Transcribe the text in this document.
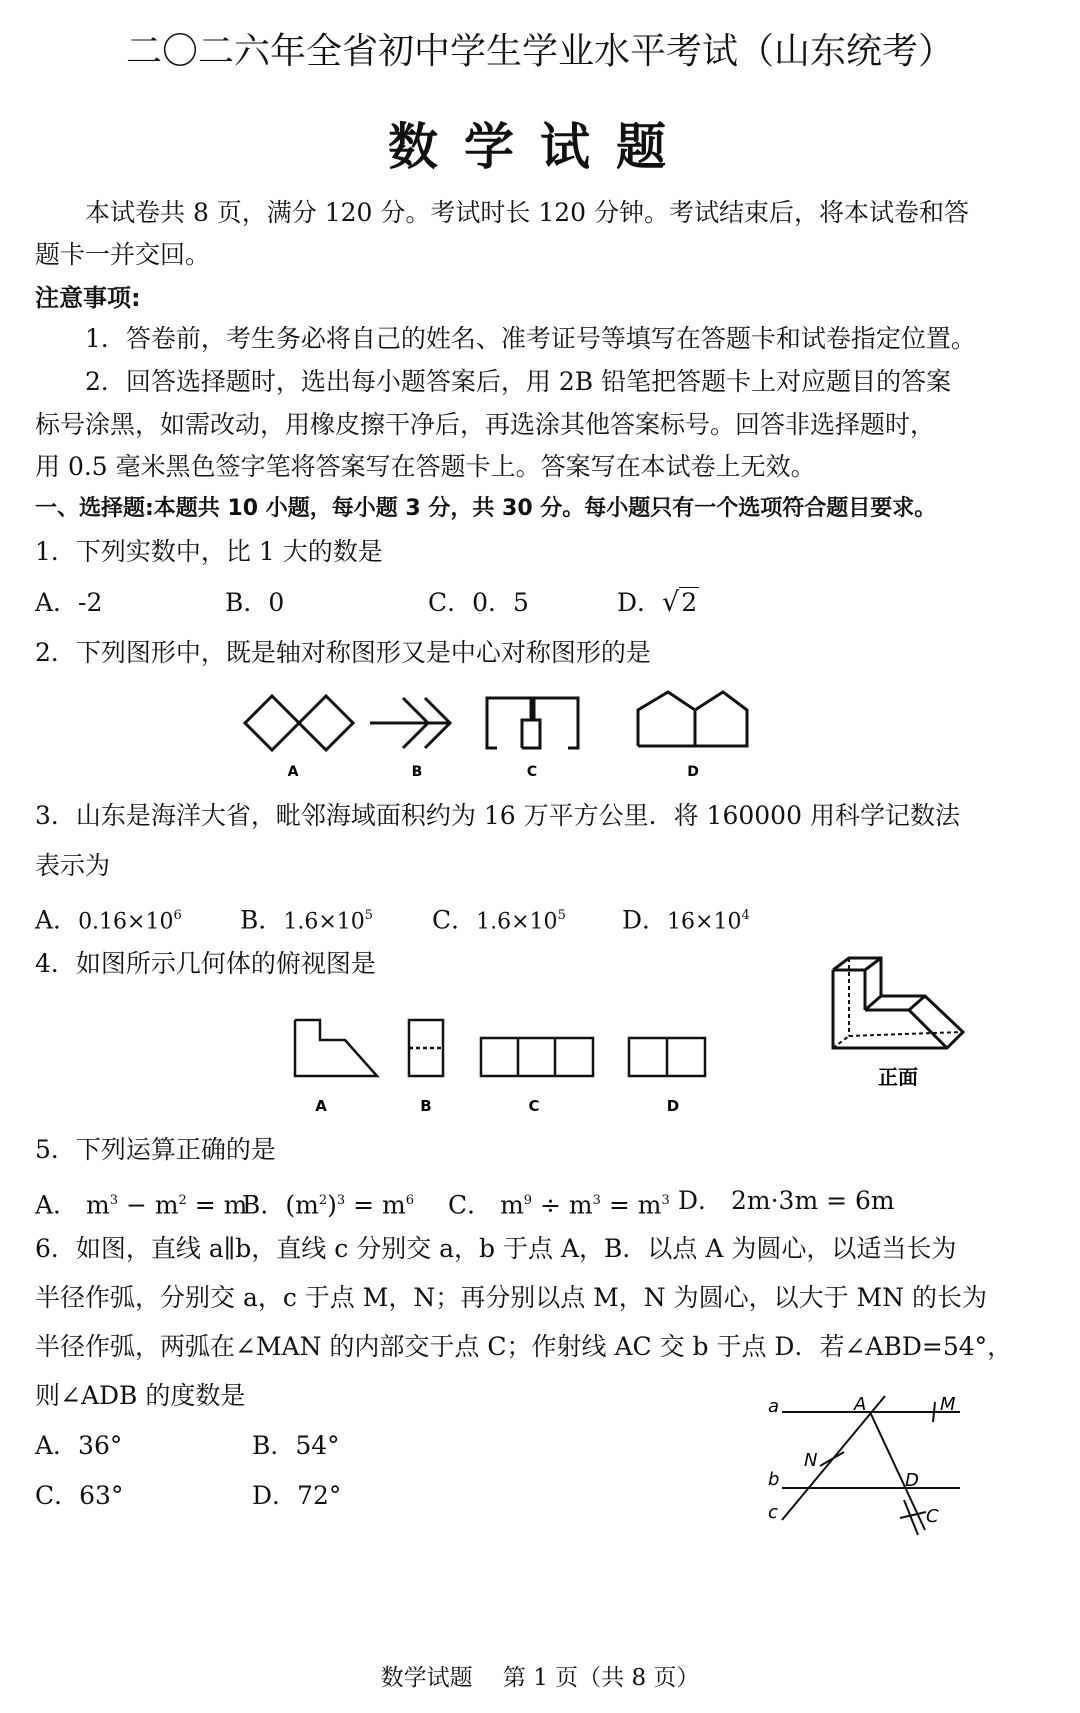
二〇二六年全省初中学生学业水平考试（山东统考）
数学试题
本试卷共 8 页，满分 120 分。考试时长 120 分钟。考试结束后，将本试卷和答
题卡一并交回。
注意事项:
1．答卷前，考生务必将自己的姓名、准考证号等填写在答题卡和试卷指定位置。
2．回答选择题时，选出每小题答案后，用 2B 铅笔把答题卡上对应题目的答案
标号涂黑，如需改动，用橡皮擦干净后，再选涂其他答案标号。回答非选择题时，
用 0.5 毫米黑色签字笔将答案写在答题卡上。答案写在本试卷上无效。
一、选择题:本题共 10 小题，每小题 3 分，共 30 分。每小题只有一个选项符合题目要求。
1．下列实数中，比 1 大的数是
A．-2	B．0	C．0．5	D．√2
2．下列图形中，既是轴对称图形又是中心对称图形的是
A	B	C	D
3．山东是海洋大省，毗邻海域面积约为 16 万平方公里．将 160000 用科学记数法
表示为
A．$0.16\times 10^6$ B．$1.6\times 10^5$ C．$1.6\times 10^5$ D．$16\times 10^4$
4．如图所示几何体的俯视图是
A	B	C	D
正面
5．下列运算正确的是
A． $m^3 - m^2 = m$
B．$(m^2)^3 = m^6$ C． $m^9 \div m^3 = m^3$ D． 2m·3m = 6m
6．如图，直线 a∥b，直线 c 分别交 a，b 于点 A，B．以点 A 为圆心，以适当长为
半径作弧，分别交 a，c 于点 M，N；再分别以点 M，N 为圆心，以大于 MN 的长为
半径作弧，两弧在∠MAN 的内部交于点 C；作射线 AC 交 b 于点 D．若∠ABD=54°，
则∠ADB 的度数是
A．36°	B．54°
C．63°	D．72°
a	A	M
N
b	D
c	C
数学试题　 第 1 页（共 8 页）
